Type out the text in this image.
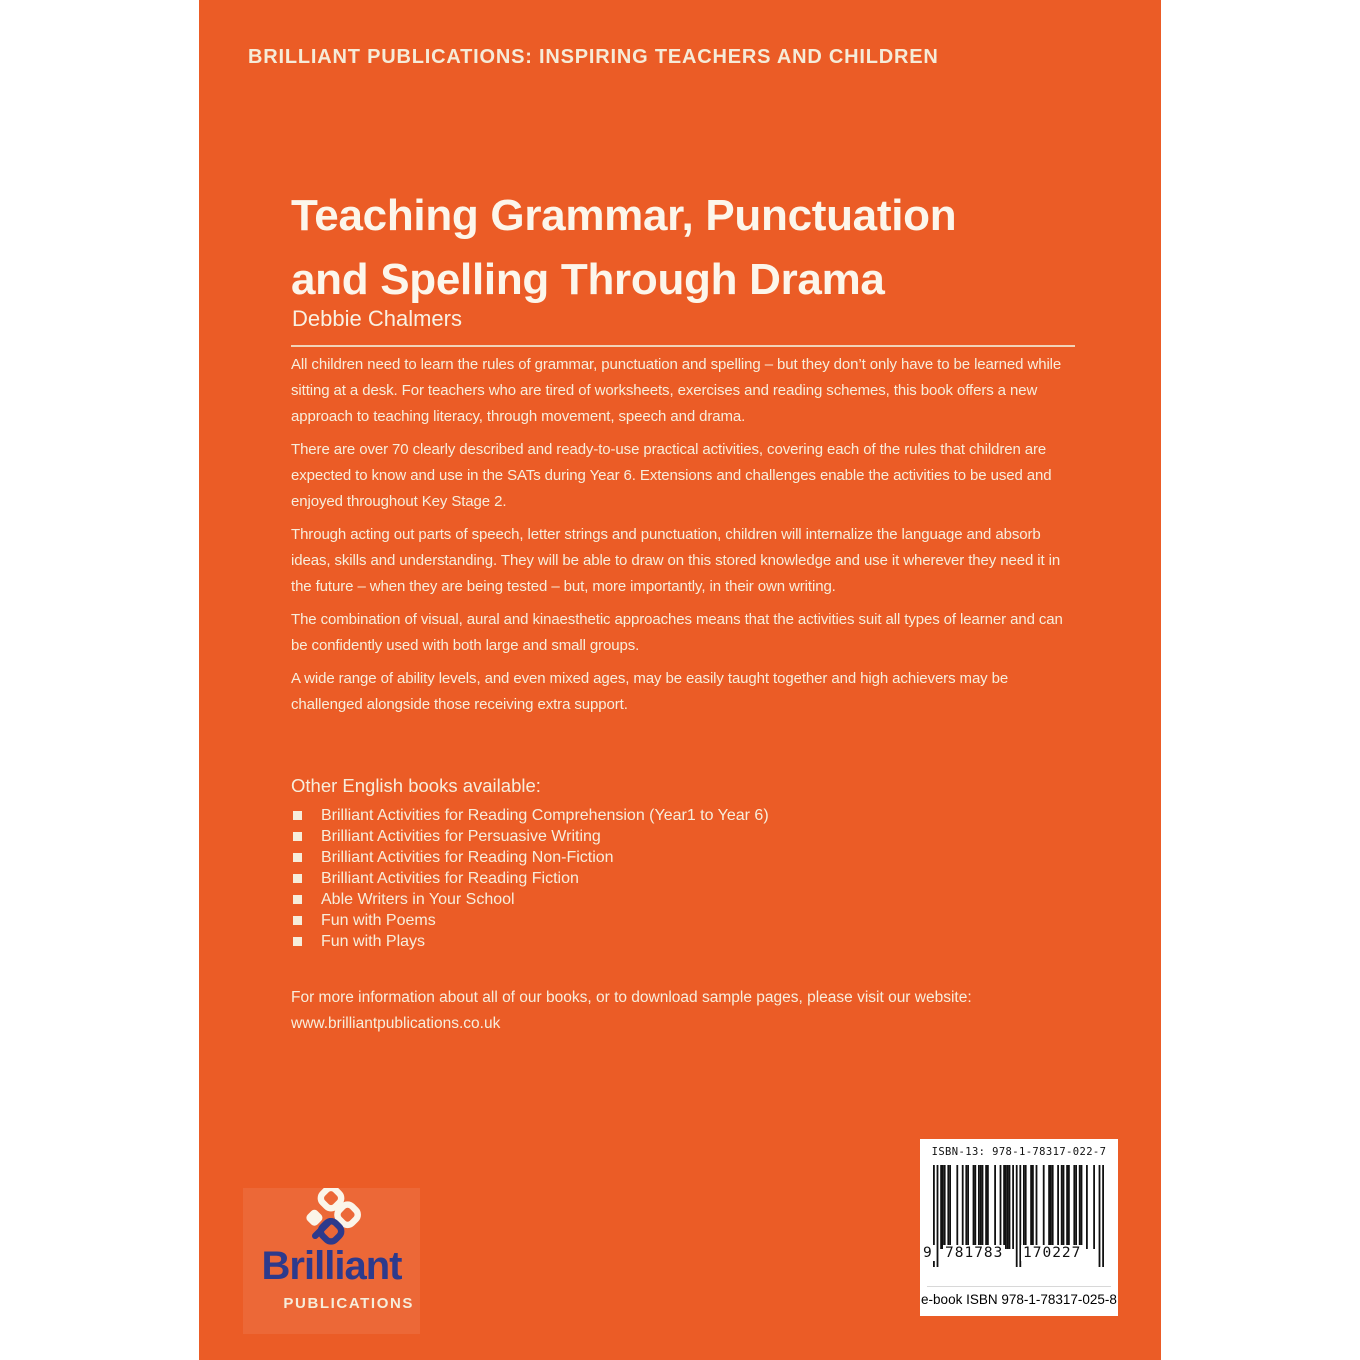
BRILLIANT PUBLICATIONS: INSPIRING TEACHERS AND CHILDREN
Teaching Grammar, Punctuation and Spelling Through Drama
Debbie Chalmers

All children need to learn the rules of grammar, punctuation and spelling – but they don’t only have to be learned while sitting at a desk. For teachers who are tired of worksheets, exercises and reading schemes, this book offers a new approach to teaching literacy, through movement, speech and drama.

There are over 70 clearly described and ready-to-use practical activities, covering each of the rules that children are expected to know and use in the SATs during Year 6. Extensions and challenges enable the activities to be used and enjoyed throughout Key Stage 2.

Through acting out parts of speech, letter strings and punctuation, children will internalize the language and absorb ideas, skills and understanding. They will be able to draw on this stored knowledge and use it wherever they need it in the future – when they are being tested – but, more importantly, in their own writing.

The combination of visual, aural and kinaesthetic approaches means that the activities suit all types of learner and can be confidently used with both large and small groups.

A wide range of ability levels, and even mixed ages, may be easily taught together and high achievers may be challenged alongside those receiving extra support.

Other English books available:
Brilliant Activities for Reading Comprehension (Year1 to Year 6)
Brilliant Activities for Persuasive Writing
Brilliant Activities for Reading Non-Fiction
Brilliant Activities for Reading Fiction
Able Writers in Your School
Fun with Poems
Fun with Plays
For more information about all of our books, or to download sample pages, please visit our website:
www.brilliantpublications.co.uk
Brilliant
PUBLICATIONS
ISBN-13: 978-1-78317-022-7
9 781783 170227
e-book ISBN 978-1-78317-025-8
